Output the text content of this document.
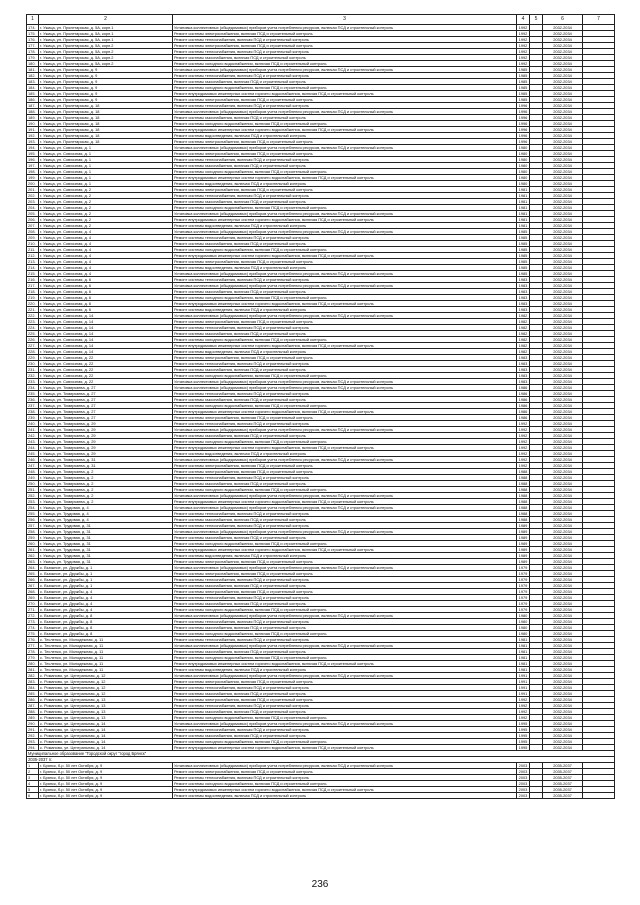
1	2	3	4	5	6	7
174.	г. Ужица, ул. Пролетарская, д. 5А, корп.1	Установка коллективных (общедомовых) приборов учета потребления ресурсов, включая ПСД и строительный контроль	1992		2032-2034	
175.	г. Ужица, ул. Пролетарская, д. 5А, корп.1	Ремонт системы электроснабжения, включая ПСД и строительный контроль	1992		2032-2034	
176.	г. Ужица, ул. Пролетарская, д. 5А, корп.1	Ремонт системы теплоснабжения, включая ПСД и строительный контроль	1992		2032-2034	
177.	г. Ужица, ул. Пролетарская, д. 5А, корп.2	Ремонт системы электроснабжения, включая ПСД и строительный контроль	1992		2032-2034	
178.	г. Ужица, ул. Пролетарская, д. 5А, корп.2	Ремонт системы теплоснабжения, включая ПСД и строительный контроль	1992		2032-2034	
179.	г. Ужица, ул. Пролетарская, д. 5А, корп.2	Ремонт системы газоснабжения, включая ПСД и строительный контроль	1992		2032-2034	
180.	г. Ужица, ул. Пролетарская, д. 5А, корп.2	Ремонт системы холодного водоснабжения, включая ПСД и строительный контроль	1992		2032-2034	
181.	г. Ужица, ул. Пролетарская, д. 9	Установка коллективных (общедомовых) приборов учета потребления ресурсов, включая ПСД и строительный контроль	1985		2032-2034	
182.	г. Ужица, ул. Пролетарская, д. 9	Ремонт системы теплоснабжения, включая ПСД и строительный контроль	1985		2032-2034	
183.	г. Ужица, ул. Пролетарская, д. 9	Ремонт системы газоснабжения, включая ПСД и строительный контроль	1985		2032-2034	
184.	г. Ужица, ул. Пролетарская, д. 9	Ремонт системы холодного водоснабжения, включая ПСД и строительный контроль	1985		2032-2034	
185.	г. Ужица, ул. Пролетарская, д. 9	Ремонт внутридомовых инженерных систем горячего водоснабжения, включая ПСД и строительный контроль	1985		2032-2034	
186.	г. Ужица, ул. Пролетарская, д. 9	Ремонт системы электроснабжения, включая ПСД и строительный контроль	1985		2032-2034	
187.	г. Ужица, ул. Пролетарская, д. 18	Ремонт системы теплоснабжения, включая ПСД и строительный контроль	1996		2032-2034	
188.	г. Ужица, ул. Пролетарская, д. 18	Установка коллективных (общедомовых) приборов учета потребления ресурсов, включая ПСД и строительный контроль	1996		2032-2034	
189.	г. Ужица, ул. Пролетарская, д. 18	Ремонт системы газоснабжения, включая ПСД и строительный контроль	1996		2032-2034	
190.	г. Ужица, ул. Пролетарская, д. 18	Ремонт системы холодного водоснабжения, включая ПСД и строительный контроль	1996		2032-2034	
191.	г. Ужица, ул. Пролетарская, д. 18	Ремонт внутридомовых инженерных систем горячего водоснабжения, включая ПСД и строительный контроль	1996		2032-2034	
192.	г. Ужица, ул. Пролетарская, д. 18	Ремонт системы водоотведения, включая ПСД и строительный контроль	1996		2032-2034	
193.	г. Ужица, ул. Пролетарская, д. 18	Ремонт системы электроснабжения, включая ПСД и строительный контроль	1996		2032-2034	
194.	г. Ужица, ул. Совхозная, д. 1	Установка коллективных (общедомовых) приборов учета потребления ресурсов, включая ПСД и строительный контроль	1980		2032-2034	
195.	г. Ужица, ул. Совхозная, д. 1	Ремонт системы электроснабжения, включая ПСД и строительный контроль	1980		2032-2034	
196.	г. Ужица, ул. Совхозная, д. 1	Ремонт системы теплоснабжения, включая ПСД и строительный контроль	1980		2032-2034	
197.	г. Ужица, ул. Совхозная, д. 1	Ремонт системы газоснабжения, включая ПСД и строительный контроль	1980		2032-2034	
198.	г. Ужица, ул. Совхозная, д. 1	Ремонт системы холодного водоснабжения, включая ПСД и строительный контроль	1980		2032-2034	
199.	г. Ужица, ул. Совхозная, д. 1	Ремонт внутридомовых инженерных систем горячего водоснабжения, включая ПСД и строительный контроль	1980		2032-2034	
200.	г. Ужица, ул. Совхозная, д. 1	Ремонт системы водоотведения, включая ПСД и строительный контроль	1980		2032-2034	
201.	г. Ужица, ул. Совхозная, д. 2	Ремонт системы электроснабжения, включая ПСД и строительный контроль	1981		2032-2034	
202.	г. Ужица, ул. Совхозная, д. 2	Ремонт системы теплоснабжения, включая ПСД и строительный контроль	1981		2032-2034	
203.	г. Ужица, ул. Совхозная, д. 2	Ремонт системы газоснабжения, включая ПСД и строительный контроль	1981		2032-2034	
204.	г. Ужица, ул. Совхозная, д. 2	Ремонт системы холодного водоснабжения, включая ПСД и строительный контроль	1981		2032-2034	
205.	г. Ужица, ул. Совхозная, д. 2	Установка коллективных (общедомовых) приборов учета потребления ресурсов, включая ПСД и строительный контроль	1981		2032-2034	
206.	г. Ужица, ул. Совхозная, д. 2	Ремонт внутридомовых инженерных систем горячего водоснабжения, включая ПСД и строительный контроль	1981		2032-2034	
207.	г. Ужица, ул. Совхозная, д. 2	Ремонт системы водоотведения, включая ПСД и строительный контроль	1981		2032-2034	
208.	г. Ужица, ул. Совхозная, д. 4	Установка коллективных (общедомовых) приборов учета потребления ресурсов, включая ПСД и строительный контроль	1985		2032-2034	
209.	г. Ужица, ул. Совхозная, д. 4	Ремонт системы теплоснабжения, включая ПСД и строительный контроль	1985		2032-2034	
210.	г. Ужица, ул. Совхозная, д. 4	Ремонт системы газоснабжения, включая ПСД и строительный контроль	1985		2032-2034	
211.	г. Ужица, ул. Совхозная, д. 4	Ремонт системы холодного водоснабжения, включая ПСД и строительный контроль	1985		2032-2034	
212.	г. Ужица, ул. Совхозная, д. 4	Ремонт внутридомовых инженерных систем горячего водоснабжения, включая ПСД и строительный контроль	1985		2032-2034	
213.	г. Ужица, ул. Совхозная, д. 4	Ремонт системы электроснабжения, включая ПСД и строительный контроль	1985		2032-2034	
214.	г. Ужица, ул. Совхозная, д. 4	Ремонт системы водоотведения, включая ПСД и строительный контроль	1985		2032-2034	
215.	г. Ужица, ул. Совхозная, д. 4	Установка коллективных (общедомовых) приборов учета потребления ресурсов, включая ПСД и строительный контроль	1985		2032-2034	
216.	г. Ужица, ул. Совхозная, д. 6	Ремонт системы теплоснабжения, включая ПСД и строительный контроль	1983		2032-2034	
217.	г. Ужица, ул. Совхозная, д. 6	Установка коллективных (общедомовых) приборов учета потребления ресурсов, включая ПСД и строительный контроль	1983		2032-2034	
218.	г. Ужица, ул. Совхозная, д. 6	Ремонт системы газоснабжения, включая ПСД и строительный контроль	1983		2032-2034	
219.	г. Ужица, ул. Совхозная, д. 6	Ремонт системы холодного водоснабжения, включая ПСД и строительный контроль	1983		2032-2034	
220.	г. Ужица, ул. Совхозная, д. 6	Ремонт внутридомовых инженерных систем горячего водоснабжения, включая ПСД и строительный контроль	1983		2032-2034	
221.	г. Ужица, ул. Совхозная, д. 6	Ремонт системы водоотведения, включая ПСД и строительный контроль	1983		2032-2034	
222.	г. Ужица, ул. Совхозная, д. 14	Установка коллективных (общедомовых) приборов учета потребления ресурсов, включая ПСД и строительный контроль	1982		2032-2034	
223.	г. Ужица, ул. Совхозная, д. 14	Ремонт системы электроснабжения, включая ПСД и строительный контроль	1982		2032-2034	
224.	г. Ужица, ул. Совхозная, д. 14	Ремонт системы теплоснабжения, включая ПСД и строительный контроль	1982		2032-2034	
225.	г. Ужица, ул. Совхозная, д. 14	Ремонт системы газоснабжения, включая ПСД и строительный контроль	1982		2032-2034	
226.	г. Ужица, ул. Совхозная, д. 14	Ремонт системы холодного водоснабжения, включая ПСД и строительный контроль	1982		2032-2034	
227.	г. Ужица, ул. Совхозная, д. 14	Ремонт внутридомовых инженерных систем горячего водоснабжения, включая ПСД и строительный контроль	1982		2032-2034	
228.	г. Ужица, ул. Совхозная, д. 14	Ремонт системы водоотведения, включая ПСД и строительный контроль	1982		2032-2034	
229.	г. Ужица, ул. Совхозная, д. 22	Ремонт системы электроснабжения, включая ПСД и строительный контроль	1983		2032-2034	
230.	г. Ужица, ул. Совхозная, д. 22	Ремонт системы теплоснабжения, включая ПСД и строительный контроль	1983		2032-2034	
231.	г. Ужица, ул. Совхозная, д. 22	Ремонт системы газоснабжения, включая ПСД и строительный контроль	1983		2032-2034	
232.	г. Ужица, ул. Совхозная, д. 22	Ремонт системы холодного водоснабжения, включая ПСД и строительный контроль	1983		2032-2034	
233.	г. Ужица, ул. Совхозная, д. 22	Установка коллективных (общедомовых) приборов учета потребления ресурсов, включая ПСД и строительный контроль	1983		2032-2034	
234.	г. Ужица, ул. Тимирязева, д. 27	Установка коллективных (общедомовых) приборов учета потребления ресурсов, включая ПСД и строительный контроль	1986		2032-2034	
235.	г. Ужица, ул. Тимирязева, д. 27	Ремонт системы теплоснабжения, включая ПСД и строительный контроль	1986		2032-2034	
236.	г. Ужица, ул. Тимирязева, д. 27	Ремонт системы газоснабжения, включая ПСД и строительный контроль	1986		2032-2034	
237.	г. Ужица, ул. Тимирязева, д. 27	Ремонт системы холодного водоснабжения, включая ПСД и строительный контроль	1986		2032-2034	
238.	г. Ужица, ул. Тимирязева, д. 27	Ремонт внутридомовых инженерных систем горячего водоснабжения, включая ПСД и строительный контроль	1986		2032-2034	
239.	г. Ужица, ул. Тимирязева, д. 27	Ремонт системы электроснабжения, включая ПСД и строительный контроль	1986		2032-2034	
240.	г. Ужица, ул. Тимирязева, д. 29	Ремонт системы теплоснабжения, включая ПСД и строительный контроль	1992		2032-2034	
241.	г. Ужица, ул. Тимирязева, д. 29	Установка коллективных (общедомовых) приборов учета потребления ресурсов, включая ПСД и строительный контроль	1992		2032-2034	
242.	г. Ужица, ул. Тимирязева, д. 29	Ремонт системы газоснабжения, включая ПСД и строительный контроль	1992		2032-2034	
243.	г. Ужица, ул. Тимирязева, д. 29	Ремонт системы холодного водоснабжения, включая ПСД и строительный контроль	1992		2032-2034	
244.	г. Ужица, ул. Тимирязева, д. 29	Ремонт внутридомовых инженерных систем горячего водоснабжения, включая ПСД и строительный контроль	1992		2032-2034	
245.	г. Ужица, ул. Тимирязева, д. 29	Ремонт системы водоотведения, включая ПСД и строительный контроль	1992		2032-2034	
246.	г. Ужица, ул. Тимирязева, д. 31	Установка коллективных (общедомовых) приборов учета потребления ресурсов, включая ПСД и строительный контроль	1992		2032-2034	
247.	г. Ужица, ул. Тимирязева, д. 31	Ремонт системы электроснабжения, включая ПСД и строительный контроль	1992		2032-2034	
248.	г. Ужица, ул. Тимирязева, д. 2	Ремонт системы электроснабжения, включая ПСД и строительный контроль	1988		2032-2034	
249.	г. Ужица, ул. Тимирязева, д. 2	Ремонт системы теплоснабжения, включая ПСД и строительный контроль	1988		2032-2034	
250.	г. Ужица, ул. Тимирязева, д. 2	Ремонт системы газоснабжения, включая ПСД и строительный контроль	1988		2032-2034	
251.	г. Ужица, ул. Тимирязева, д. 2	Ремонт системы холодного водоснабжения, включая ПСД и строительный контроль	1988		2032-2034	
252.	г. Ужица, ул. Тимирязева, д. 2	Установка коллективных (общедомовых) приборов учета потребления ресурсов, включая ПСД и строительный контроль	1988		2032-2034	
253.	г. Ужица, ул. Тимирязева, д. 2	Ремонт внутридомовых инженерных систем горячего водоснабжения, включая ПСД и строительный контроль	1988		2032-2034	
254.	г. Ужица, ул. Трудовая, д. 4	Установка коллективных (общедомовых) приборов учета потребления ресурсов, включая ПСД и строительный контроль	1988		2032-2034	
255.	г. Ужица, ул. Трудовая, д. 4	Ремонт системы теплоснабжения, включая ПСД и строительный контроль	1988		2032-2034	
256.	г. Ужица, ул. Трудовая, д. 4	Ремонт системы газоснабжения, включая ПСД и строительный контроль	1988		2032-2034	
257.	г. Ужица, ул. Трудовая, д. 31	Ремонт системы теплоснабжения, включая ПСД и строительный контроль	1989		2032-2034	
258.	г. Ужица, ул. Трудовая, д. 31	Установка коллективных (общедомовых) приборов учета потребления ресурсов, включая ПСД и строительный контроль	1989		2032-2034	
259.	г. Ужица, ул. Трудовая, д. 31	Ремонт системы газоснабжения, включая ПСД и строительный контроль	1989		2032-2034	
260.	г. Ужица, ул. Трудовая, д. 31	Ремонт системы холодного водоснабжения, включая ПСД и строительный контроль	1989		2032-2034	
261.	г. Ужица, ул. Трудовая, д. 31	Ремонт внутридомовых инженерных систем горячего водоснабжения, включая ПСД и строительный контроль	1989		2032-2034	
262.	г. Ужица, ул. Трудовая, д. 31	Ремонт системы водоотведения, включая ПСД и строительный контроль	1989		2032-2034	
263.	г. Ужица, ул. Трудовая, д. 31	Ремонт системы электроснабжения, включая ПСД и строительный контроль	1989		2032-2034	
264.	с. Вьюжное, ул. Дружбы, д. 1	Установка коллективных (общедомовых) приборов учета потребления ресурсов, включая ПСД и строительный контроль	1979		2032-2034	
265.	с. Вьюжное, ул. Дружбы, д. 1	Ремонт системы электроснабжения, включая ПСД и строительный контроль	1979		2032-2034	
266.	с. Вьюжное, ул. Дружбы, д. 1	Ремонт системы теплоснабжения, включая ПСД и строительный контроль	1979		2032-2034	
267.	с. Вьюжное, ул. Дружбы, д. 1	Ремонт системы газоснабжения, включая ПСД и строительный контроль	1979		2032-2034	
268.	с. Вьюжное, ул. Дружбы, д. 4	Ремонт системы электроснабжения, включая ПСД и строительный контроль	1979		2032-2034	
269.	с. Вьюжное, ул. Дружбы, д. 4	Ремонт системы теплоснабжения, включая ПСД и строительный контроль	1979		2032-2034	
270.	с. Вьюжное, ул. Дружбы, д. 4	Ремонт системы газоснабжения, включая ПСД и строительный контроль	1979		2032-2034	
271.	с. Вьюжное, ул. Дружбы, д. 4	Ремонт системы холодного водоснабжения, включая ПСД и строительный контроль	1979		2032-2034	
272.	с. Вьюжное, ул. Дружбы, д. 8	Установка коллективных (общедомовых) приборов учета потребления ресурсов, включая ПСД и строительный контроль	1980		2032-2034	
273.	с. Вьюжное, ул. Дружбы, д. 8	Ремонт системы теплоснабжения, включая ПСД и строительный контроль	1980		2032-2034	
274.	с. Вьюжное, ул. Дружбы, д. 8	Ремонт системы газоснабжения, включая ПСД и строительный контроль	1980		2032-2034	
275.	с. Вьюжное, ул. Дружбы, д. 8	Ремонт системы холодного водоснабжения, включая ПСД и строительный контроль	1980		2032-2034	
276.	с. Тесленко, ул. Молодежная, д. 11	Ремонт системы теплоснабжения, включая ПСД и строительный контроль	1981		2032-2034	
277.	с. Тесленко, ул. Молодежная, д. 11	Установка коллективных (общедомовых) приборов учета потребления ресурсов, включая ПСД и строительный контроль	1981		2032-2034	
278.	с. Тесленко, ул. Молодежная, д. 11	Ремонт системы газоснабжения, включая ПСД и строительный контроль	1981		2032-2034	
279.	с. Тесленко, ул. Молодежная, д. 11	Ремонт системы холодного водоснабжения, включая ПСД и строительный контроль	1981		2032-2034	
280.	с. Тесленко, ул. Молодежная, д. 11	Ремонт внутридомовых инженерных систем горячего водоснабжения, включая ПСД и строительный контроль	1981		2032-2034	
281.	с. Тесленко, ул. Молодежная, д. 11	Ремонт системы водоотведения, включая ПСД и строительный контроль	1981		2032-2034	
282.	с. Романово, ул. Центральная, д. 12	Установка коллективных (общедомовых) приборов учета потребления ресурсов, включая ПСД и строительный контроль	1991		2032-2034	
283.	с. Романово, ул. Центральная, д. 12	Ремонт системы электроснабжения, включая ПСД и строительный контроль	1991		2032-2034	
284.	с. Романово, ул. Центральная, д. 12	Ремонт системы теплоснабжения, включая ПСД и строительный контроль	1991		2032-2034	
285.	с. Романово, ул. Центральная, д. 12	Ремонт системы газоснабжения, включая ПСД и строительный контроль	1991		2032-2034	
286.	с. Романово, ул. Центральная, д. 13	Ремонт системы электроснабжения, включая ПСД и строительный контроль	1992		2032-2034	
287.	с. Романово, ул. Центральная, д. 13	Ремонт системы теплоснабжения, включая ПСД и строительный контроль	1992		2032-2034	
288.	с. Романово, ул. Центральная, д. 13	Ремонт системы газоснабжения, включая ПСД и строительный контроль	1992		2032-2034	
289.	с. Романово, ул. Центральная, д. 13	Ремонт системы холодного водоснабжения, включая ПСД и строительный контроль	1992		2032-2034	
290.	с. Романово, ул. Центральная, д. 14	Установка коллективных (общедомовых) приборов учета потребления ресурсов, включая ПСД и строительный контроль	1995		2032-2034	
291.	с. Романово, ул. Центральная, д. 14	Ремонт системы теплоснабжения, включая ПСД и строительный контроль	1995		2032-2034	
292.	с. Романово, ул. Центральная, д. 14	Ремонт системы газоснабжения, включая ПСД и строительный контроль	1995		2032-2034	
293.	с. Романово, ул. Центральная, д. 14	Ремонт системы холодного водоснабжения, включая ПСД и строительный контроль	1995		2032-2034	
294.	с. Романово, ул. Центральная, д. 14	Ремонт внутридомовых инженерных систем горячего водоснабжения, включая ПСД и строительный контроль	1995		2032-2034	
Муниципальное образование "Городской округ "город Брянск"						
2035-2037 гг.						
1	г. Брянск, б-р. 50 лет Октября, д. 9	Установка коллективных (общедомовых) приборов учета потребления ресурсов, включая ПСД и строительный контроль	2003		2035-2037	
2	г. Брянск, б-р. 50 лет Октября, д. 9	Ремонт системы электроснабжения, включая ПСД и строительный контроль	2003		2035-2037	
3	г. Брянск, б-р. 50 лет Октября, д. 9	Ремонт системы теплоснабжения, включая ПСД и строительный контроль	2003		2035-2037	
4	г. Брянск, б-р. 50 лет Октября, д. 9	Ремонт системы холодного водоснабжения, включая ПСД и строительный контроль	2003		2035-2037	
5	г. Брянск, б-р. 50 лет Октября, д. 9	Ремонт внутридомовых инженерных систем горячего водоснабжения, включая ПСД и строительный контроль	2003		2035-2037	
6	г. Брянск, б-р. 50 лет Октября, д. 9	Ремонт системы водоотведения, включая ПСД и строительный контроль	2003		2035-2037	
236
